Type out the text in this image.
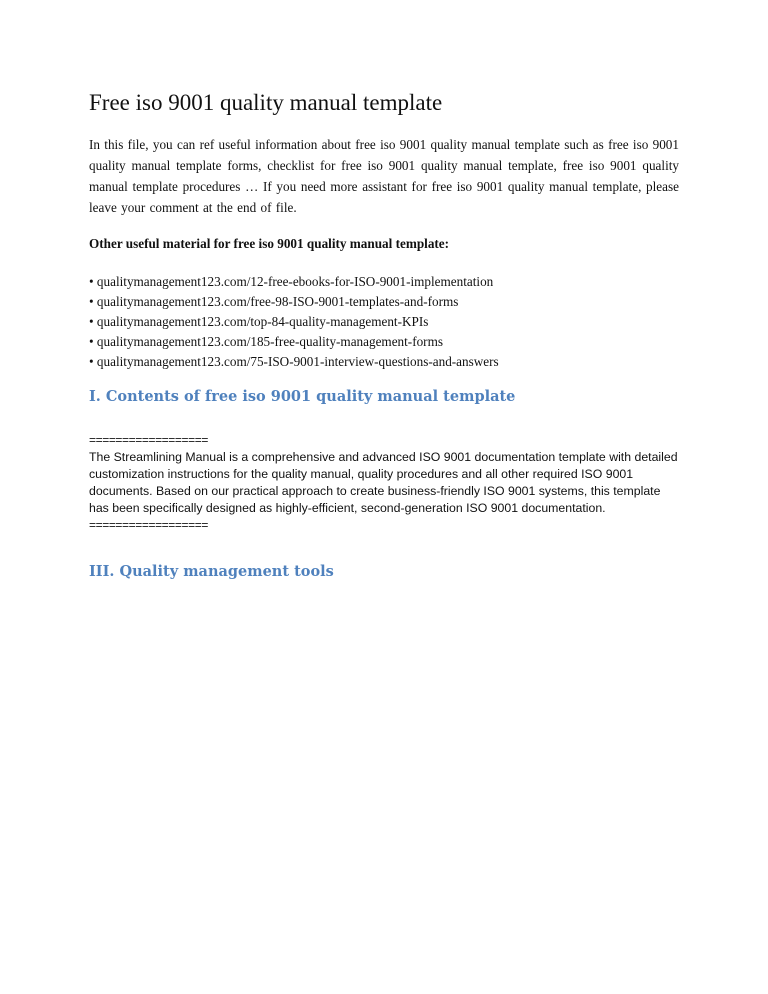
Free iso 9001 quality manual template

In this file, you can ref useful information about free iso 9001 quality manual template such as free iso 9001 quality manual template forms, checklist for free iso 9001 quality manual template, free iso 9001 quality manual template procedures … If you need more assistant for free iso 9001 quality manual template, please leave your comment at the end of file.

Other useful material for free iso 9001 quality manual template:

• qualitymanagement123.com/12-free-ebooks-for-ISO-9001-implementation
• qualitymanagement123.com/free-98-ISO-9001-templates-and-forms
• qualitymanagement123.com/top-84-quality-management-KPIs
• qualitymanagement123.com/185-free-quality-management-forms
• qualitymanagement123.com/75-ISO-9001-interview-questions-and-answers
I. Contents of free iso 9001 quality manual template
==================

The Streamlining Manual is a comprehensive and advanced ISO 9001 documentation template with detailed customization instructions for the quality manual, quality procedures and all other required ISO 9001 documents. Based on our practical approach to create business-friendly ISO 9001 systems, this template has been specifically designed as highly-efficient, second-generation ISO 9001 documentation.

==================
III. Quality management tools
